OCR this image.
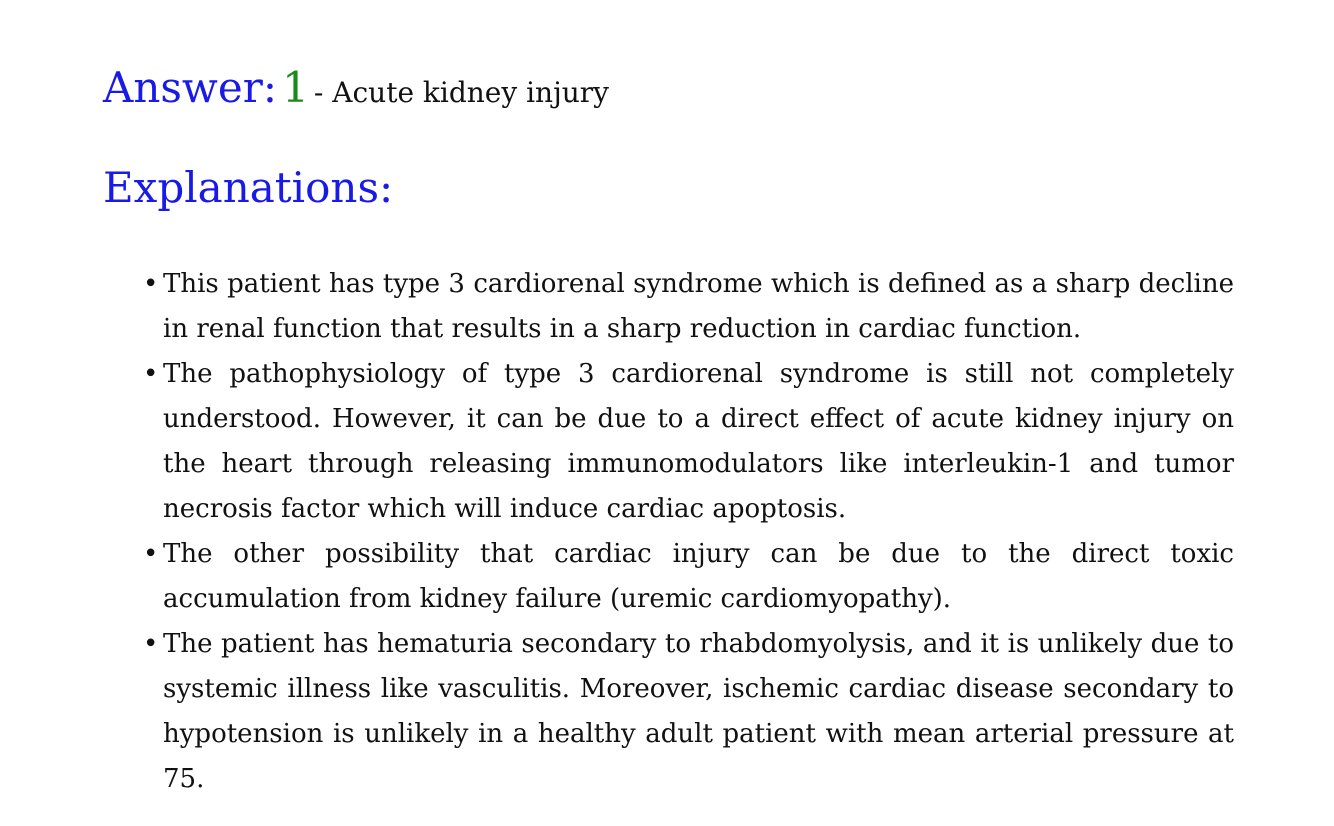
Answer: 1 - Acute kidney injury
Explanations:
• This patient has type 3 cardiorenal syndrome which is defined as a sharp decline in renal function that results in a sharp reduction in cardiac function.
• The pathophysiology of type 3 cardiorenal syndrome is still not completely understood. However, it can be due to a direct effect of acute kidney injury on the heart through releasing immunomodulators like interleukin-1 and tumor necrosis factor which will induce cardiac apoptosis.
• The other possibility that cardiac injury can be due to the direct toxic accumulation from kidney failure (uremic cardiomyopathy).
• The patient has hematuria secondary to rhabdomyolysis, and it is unlikely due to systemic illness like vasculitis. Moreover, ischemic cardiac disease secondary to hypotension is unlikely in a healthy adult patient with mean arterial pressure at 75.
